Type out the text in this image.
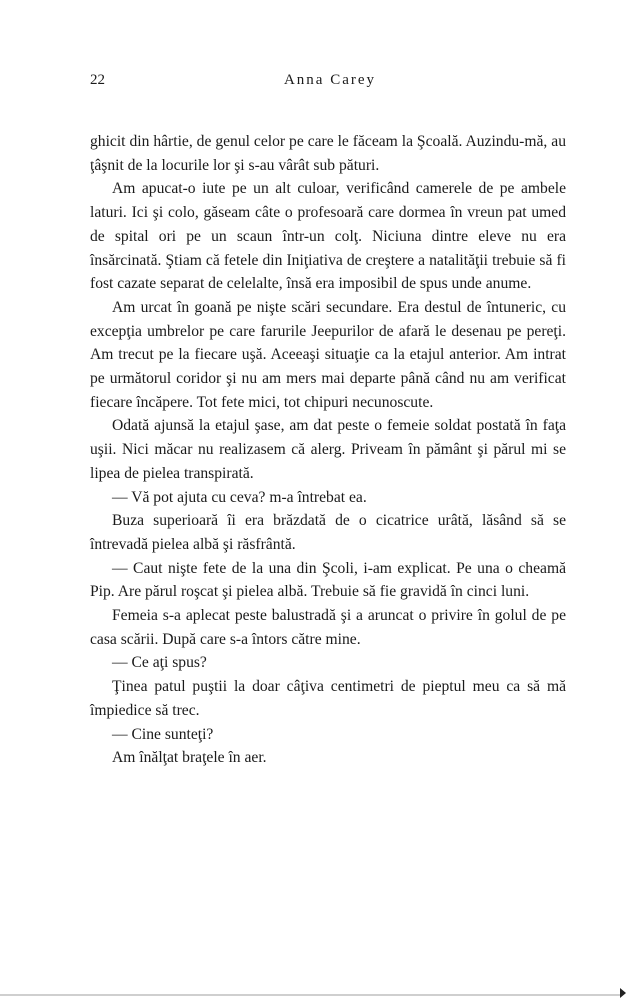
22	Anna Carey

ghicit din hârtie, de genul celor pe care le făceam la Şcoală. Auzindu-mă, au ţâşnit de la locurile lor şi s-au vârât sub pături.

Am apucat-o iute pe un alt culoar, verificând camerele de pe ambele laturi. Ici şi colo, găseam câte o profesoară care dormea în vreun pat umed de spital ori pe un scaun într-un colţ. Niciuna dintre eleve nu era însărcinată. Ştiam că fetele din Iniţiativa de creştere a natalităţii trebuie să fi fost cazate separat de celelalte, însă era imposibil de spus unde anume.

Am urcat în goană pe nişte scări secundare. Era destul de întuneric, cu excepţia umbrelor pe care farurile Jeepurilor de afară le desenau pe pereţi. Am trecut pe la fiecare uşă. Aceeaşi situaţie ca la etajul anterior. Am intrat pe următorul coridor şi nu am mers mai departe până când nu am verificat fiecare încăpere. Tot fete mici, tot chipuri necunoscute.

Odată ajunsă la etajul şase, am dat peste o femeie soldat postată în faţa uşii. Nici măcar nu realizasem că alerg. Priveam în pământ şi părul mi se lipea de pielea transpirată.

— Vă pot ajuta cu ceva? m-a întrebat ea.

Buza superioară îi era brăzdată de o cicatrice urâtă, lăsând să se întrevadă pielea albă şi răsfrântă.

— Caut nişte fete de la una din Şcoli, i-am explicat. Pe una o cheamă Pip. Are părul roşcat şi pielea albă. Trebuie să fie gravidă în cinci luni.

Femeia s-a aplecat peste balustradă şi a aruncat o privire în golul de pe casa scării. După care s-a întors către mine.

— Ce aţi spus?

Ţinea patul puştii la doar câţiva centimetri de pieptul meu ca să mă împiedice să trec.

— Cine sunteţi?

Am înălţat braţele în aer.
